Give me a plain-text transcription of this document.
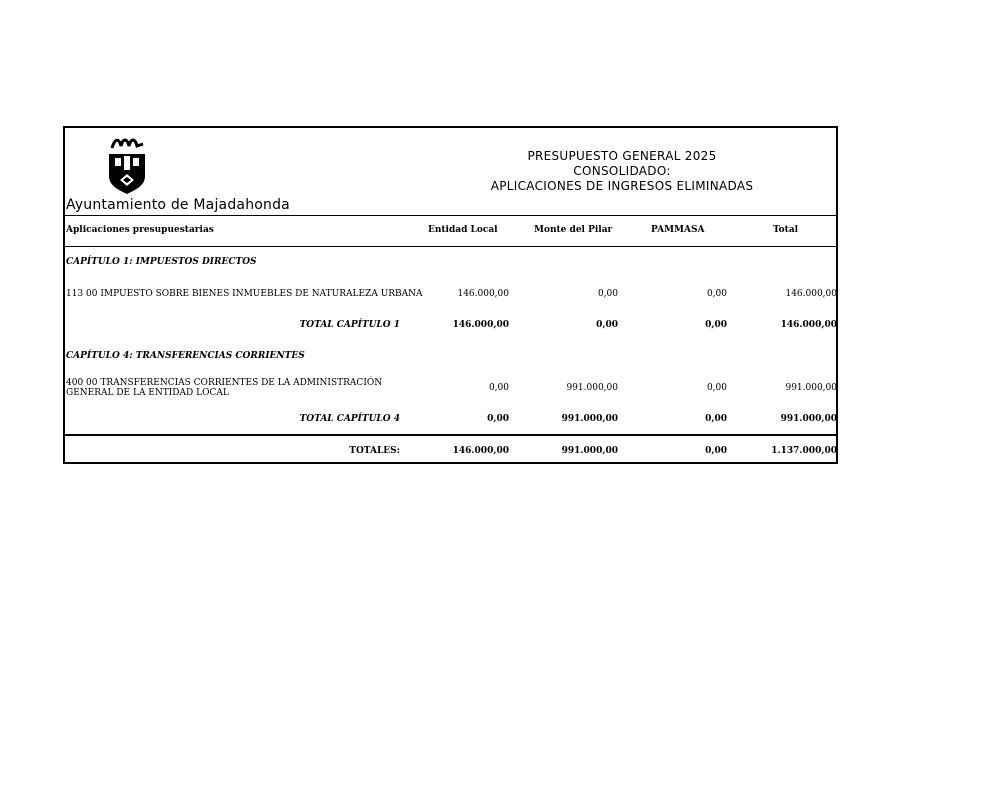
Ayuntamiento de Majadahonda
PRESUPUESTO GENERAL 2025
CONSOLIDADO:
APLICACIONES DE INGRESOS ELIMINADAS
Aplicaciones presupuestarias	Entidad Local	Monte del Pilar	PAMMASA	Total
CAPÍTULO 1: IMPUESTOS DIRECTOS
113 00 IMPUESTO SOBRE BIENES INMUEBLES DE NATURALEZA URBANA	146.000,00	0,00	0,00	146.000,00
TOTAL CAPÍTULO 1	146.000,00	0,00	0,00	146.000,00
CAPÍTULO 4: TRANSFERENCIAS CORRIENTES
400 00 TRANSFERENCIAS CORRIENTES DE LA ADMINISTRACIÓN GENERAL DE LA ENTIDAD LOCAL	0,00	991.000,00	0,00	991.000,00
TOTAL CAPÍTULO 4	0,00	991.000,00	0,00	991.000,00
TOTALES:	146.000,00	991.000,00	0,00	1.137.000,00
